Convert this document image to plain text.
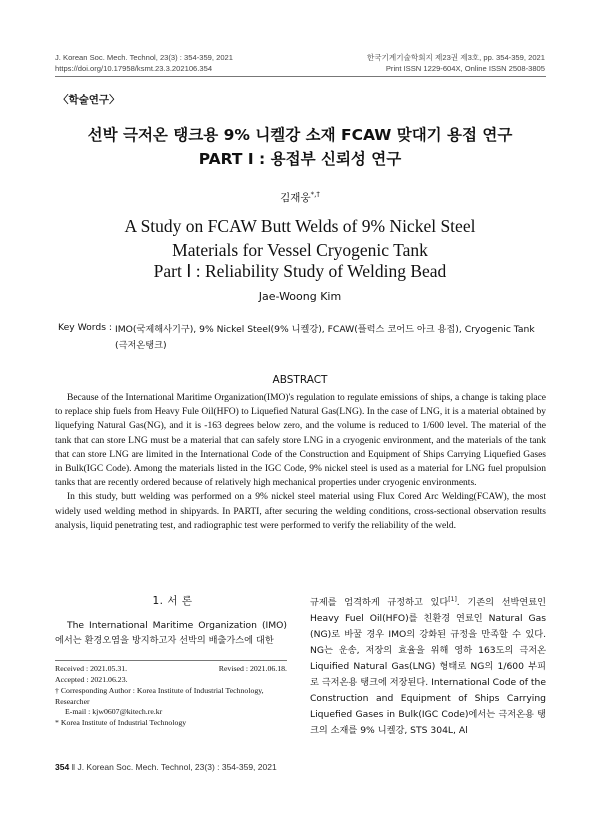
J. Korean Soc. Mech. Technol, 23(3) : 354-359, 2021
https://doi.org/10.17958/ksmt.23.3.202106.354
한국기계기술학회지 제23권 제3호, pp. 354-359, 2021
Print ISSN 1229-604X, Online ISSN 2508-3805
〈학술연구〉
선박 극저온 탱크용 9% 니켈강 소재 FCAW 맞대기 용접 연구
PART Ⅰ : 용접부 신뢰성 연구
김재웅*,†
A Study on FCAW Butt Welds of 9% Nickel Steel
Materials for Vessel Cryogenic Tank
Part Ⅰ : Reliability Study of Welding Bead
Jae-Woong Kim
Key Words : IMO(국제해사기구), 9% Nickel Steel(9% 니켈강), FCAW(플럭스 코어드 아크 용접), Cryogenic Tank (극저온탱크)
ABSTRACT

Because of the International Maritime Organization(IMO)'s regulation to regulate emissions of ships, a change is taking place to replace ship fuels from Heavy Fule Oil(HFO) to Liquefied Natural Gas(LNG). In the case of LNG, it is a material obtained by liquefying Natural Gas(NG), and it is -163 degrees below zero, and the volume is reduced to 1/600 level. The material of the tank that can store LNG must be a material that can safely store LNG in a cryogenic environment, and the materials of the tank that can store LNG are limited in the International Code of the Construction and Equipment of Ships Carrying Liquefied Gases in Bulk(IGC Code). Among the materials listed in the IGC Code, 9% nickel steel is used as a material for LNG fuel propulsion tanks that are recently ordered because of relatively high mechanical properties under cryogenic environments.

In this study, butt welding was performed on a 9% nickel steel material using Flux Cored Arc Welding(FCAW), the most widely used welding method in shipyards. In PARTI, after securing the welding conditions, cross-sectional observation results analysis, liquid penetrating test, and radiographic test were performed to verify the reliability of the weld.

1. 서 론

The International Maritime Organization (IMO)에서는 환경오염을 방지하고자 선박의 배출가스에 대한

Received : 2021.05.31.	Revised : 2021.06.18.
Accepted : 2021.06.23.
† Corresponding Author : Korea Institute of Industrial Technology, Researcher
E-mail : kjw0607@kitech.re.kr
* Korea Institute of Industrial Technology

규제를 엄격하게 규정하고 있다[1]. 기존의 선박연료인 Heavy Fuel Oil(HFO)를 친환경 연료인 Natural Gas (NG)로 바꿀 경우 IMO의 강화된 규정을 만족할 수 있다. NG는 운송, 저장의 효율을 위해 영하 163도의 극저온 Liquified Natural Gas(LNG) 형태로 NG의 1/600 부피로 극저온용 탱크에 저장된다. International Code of the Construction and Equipment of Ships Carrying Liquefied Gases in Bulk(IGC Code)에서는 극저온용 탱크의 소재를 9% 니켈강, STS 304L, Al

354 ‖ J. Korean Soc. Mech. Technol, 23(3) : 354-359, 2021
